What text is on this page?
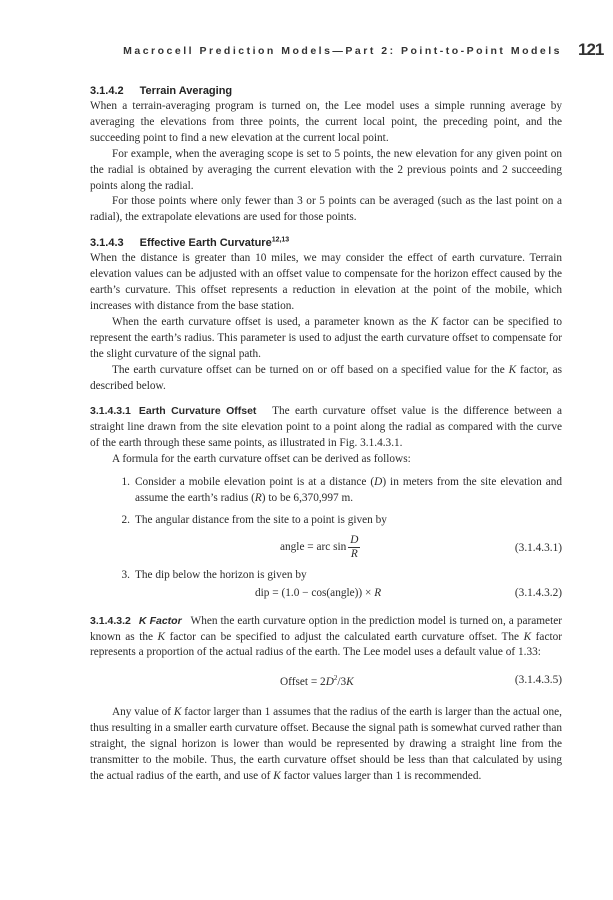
Macrocell Prediction Models—Part 2: Point-to-Point Models 121
3.1.4.2 Terrain Averaging

When a terrain-averaging program is turned on, the Lee model uses a simple running average by averaging the elevations from three points, the current local point, the preceding point, and the succeeding point to find a new elevation at the current local point.

For example, when the averaging scope is set to 5 points, the new elevation for any given point on the radial is obtained by averaging the current elevation with the 2 previous points and 2 succeeding points along the radial.

For those points where only fewer than 3 or 5 points can be averaged (such as the last point on a radial), the extrapolate elevations are used for those points.

3.1.4.3 Effective Earth Curvature$^{12,13}$

When the distance is greater than 10 miles, we may consider the effect of earth curvature. Terrain elevation values can be adjusted with an offset value to compensate for the horizon effect caused by the earth’s curvature. This offset represents a reduction in elevation at the point of the mobile, which increases with distance from the base station.

When the earth curvature offset is used, a parameter known as the K factor can be specified to represent the earth’s radius. This parameter is used to adjust the earth curvature offset to compensate for the slight curvature of the signal path.

The earth curvature offset can be turned on or off based on a specified value for the K factor, as described below.

3.1.4.3.1 Earth Curvature Offset The earth curvature offset value is the difference between a straight line drawn from the site elevation point to a point along the radial as compared with the curve of the earth through these same points, as illustrated in Fig. 3.1.4.3.1.

A formula for the earth curvature offset can be derived as follows:

1. Consider a mobile elevation point is at a distance (D) in meters from the site elevation and assume the earth’s radius (R) to be 6,370,997 m.
2. The angular distance from the site to a point is given by
angle = arc $\sin \frac{D}{R}$	(3.1.4.3.1)
3. The dip below the horizon is given by
dip = (1.0 − cos(angle)) × R	(3.1.4.3.2)

3.1.4.3.2 K Factor When the earth curvature option in the prediction model is turned on, a parameter known as the K factor can be specified to adjust the calculated earth curvature offset. The K factor represents a proportion of the actual radius of the earth. The Lee model uses a default value of 1.33:

Offset = $2D^2/3K$	(3.1.4.3.5)

Any value of K factor larger than 1 assumes that the radius of the earth is larger than the actual one, thus resulting in a smaller earth curvature offset. Because the signal path is somewhat curved rather than straight, the signal horizon is lower than would be represented by drawing a straight line from the transmitter to the mobile. Thus, the earth curvature offset should be less than that calculated by using the actual radius of the earth, and use of K factor values larger than 1 is recommended.
